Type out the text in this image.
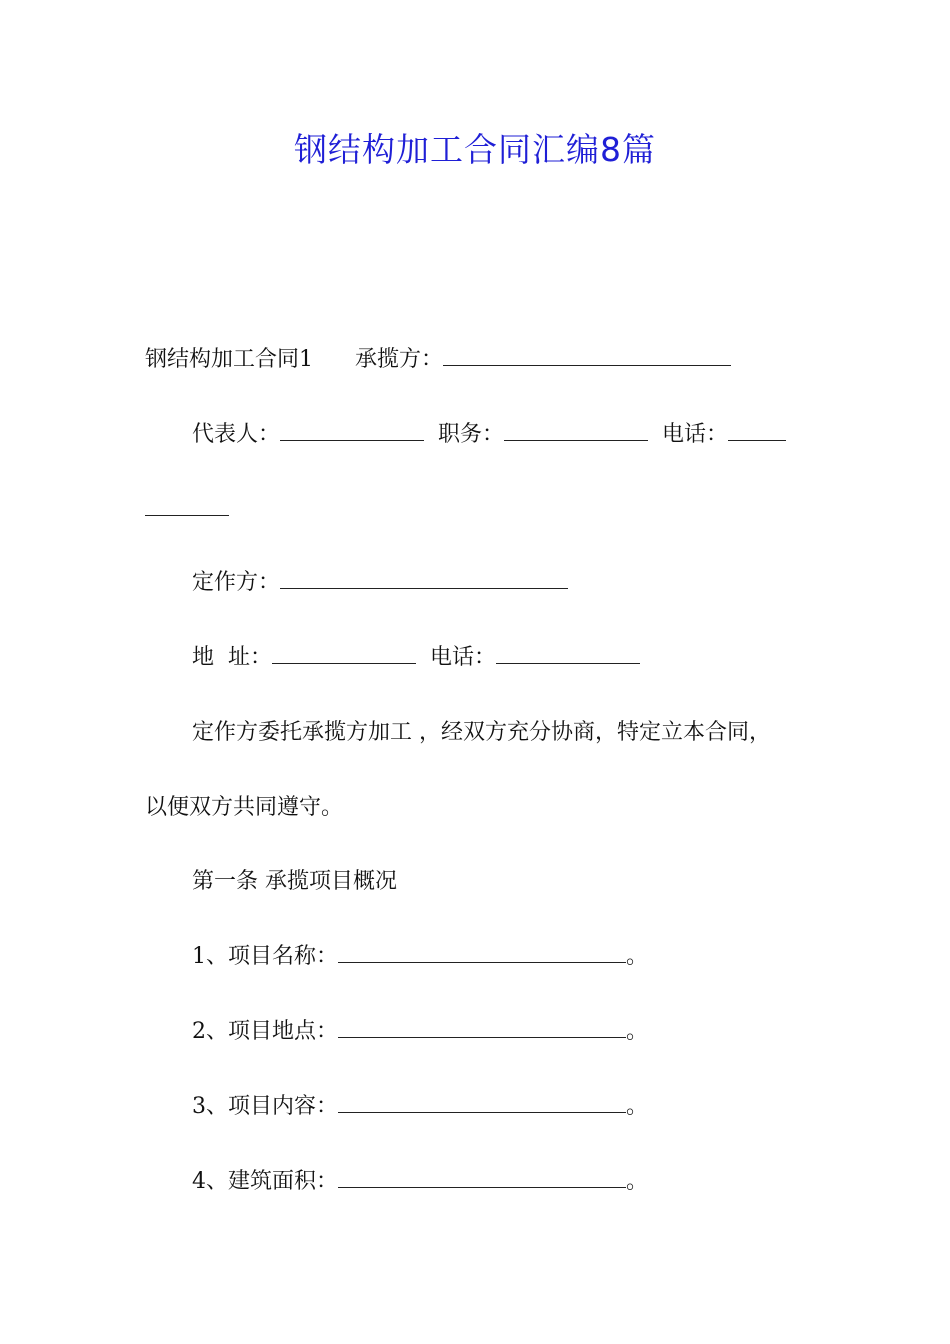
钢结构加工合同汇编8篇
钢结构加工合同1 承揽方：
代表人：	职务：	电话：
定作方：
地  址：	电话：
定作方委托承揽方加工 ，经双方充分协商，特定立本合同，
以便双方共同遵守。
第一条 承揽项目概况
1、项目名称：	。
2、项目地点：	。
3、项目内容：	。
4、建筑面积：	。
